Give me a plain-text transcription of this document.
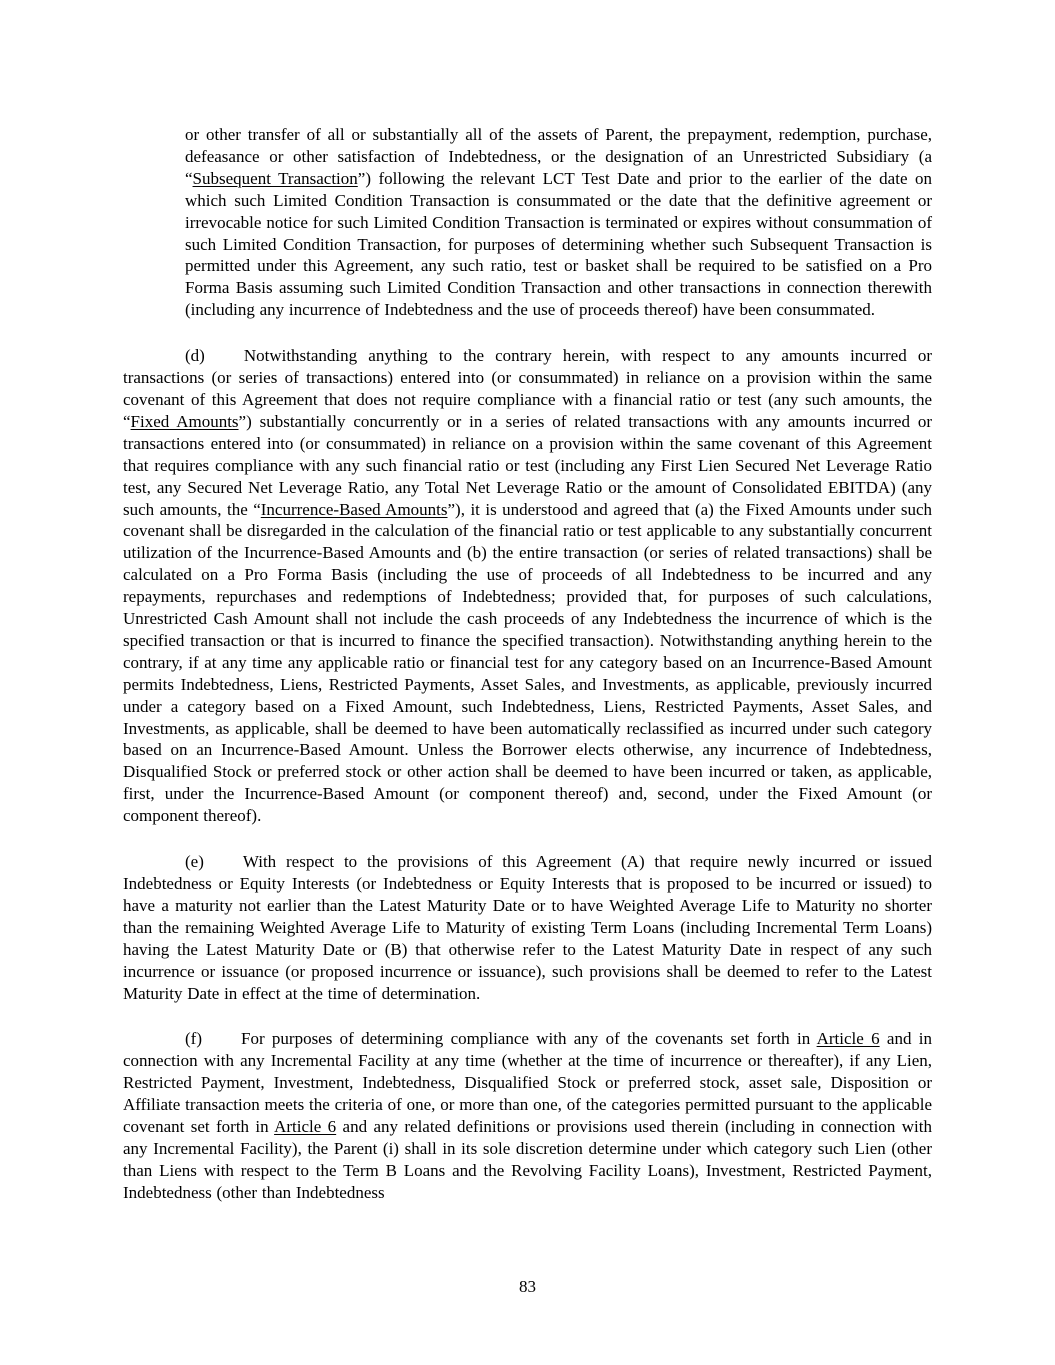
or other transfer of all or substantially all of the assets of Parent, the prepayment, redemption, purchase, defeasance or other satisfaction of Indebtedness, or the designation of an Unrestricted Subsidiary (a “Subsequent Transaction”) following the relevant LCT Test Date and prior to the earlier of the date on which such Limited Condition Transaction is consummated or the date that the definitive agreement or irrevocable notice for such Limited Condition Transaction is terminated or expires without consummation of such Limited Condition Transaction, for purposes of determining whether such Subsequent Transaction is permitted under this Agreement, any such ratio, test or basket shall be required to be satisfied on a Pro Forma Basis assuming such Limited Condition Transaction and other transactions in connection therewith (including any incurrence of Indebtedness and the use of proceeds thereof) have been consummated.

(d) Notwithstanding anything to the contrary herein, with respect to any amounts incurred or transactions (or series of transactions) entered into (or consummated) in reliance on a provision within the same covenant of this Agreement that does not require compliance with a financial ratio or test (any such amounts, the “Fixed Amounts”) substantially concurrently or in a series of related transactions with any amounts incurred or transactions entered into (or consummated) in reliance on a provision within the same covenant of this Agreement that requires compliance with any such financial ratio or test (including any First Lien Secured Net Leverage Ratio test, any Secured Net Leverage Ratio, any Total Net Leverage Ratio or the amount of Consolidated EBITDA) (any such amounts, the “Incurrence-Based Amounts”), it is understood and agreed that (a) the Fixed Amounts under such covenant shall be disregarded in the calculation of the financial ratio or test applicable to any substantially concurrent utilization of the Incurrence-Based Amounts and (b) the entire transaction (or series of related transactions) shall be calculated on a Pro Forma Basis (including the use of proceeds of all Indebtedness to be incurred and any repayments, repurchases and redemptions of Indebtedness; provided that, for purposes of such calculations, Unrestricted Cash Amount shall not include the cash proceeds of any Indebtedness the incurrence of which is the specified transaction or that is incurred to finance the specified transaction). Notwithstanding anything herein to the contrary, if at any time any applicable ratio or financial test for any category based on an Incurrence-Based Amount permits Indebtedness, Liens, Restricted Payments, Asset Sales, and Investments, as applicable, previously incurred under a category based on a Fixed Amount, such Indebtedness, Liens, Restricted Payments, Asset Sales, and Investments, as applicable, shall be deemed to have been automatically reclassified as incurred under such category based on an Incurrence-Based Amount. Unless the Borrower elects otherwise, any incurrence of Indebtedness, Disqualified Stock or preferred stock or other action shall be deemed to have been incurred or taken, as applicable, first, under the Incurrence-Based Amount (or component thereof) and, second, under the Fixed Amount (or component thereof).

(e) With respect to the provisions of this Agreement (A) that require newly incurred or issued Indebtedness or Equity Interests (or Indebtedness or Equity Interests that is proposed to be incurred or issued) to have a maturity not earlier than the Latest Maturity Date or to have Weighted Average Life to Maturity no shorter than the remaining Weighted Average Life to Maturity of existing Term Loans (including Incremental Term Loans) having the Latest Maturity Date or (B) that otherwise refer to the Latest Maturity Date in respect of any such incurrence or issuance (or proposed incurrence or issuance), such provisions shall be deemed to refer to the Latest Maturity Date in effect at the time of determination.

(f) For purposes of determining compliance with any of the covenants set forth in Article 6 and in connection with any Incremental Facility at any time (whether at the time of incurrence or thereafter), if any Lien, Restricted Payment, Investment, Indebtedness, Disqualified Stock or preferred stock, asset sale, Disposition or Affiliate transaction meets the criteria of one, or more than one, of the categories permitted pursuant to the applicable covenant set forth in Article 6 and any related definitions or provisions used therein (including in connection with any Incremental Facility), the Parent (i) shall in its sole discretion determine under which category such Lien (other than Liens with respect to the Term B Loans and the Revolving Facility Loans), Investment, Restricted Payment, Indebtedness (other than Indebtedness

83
